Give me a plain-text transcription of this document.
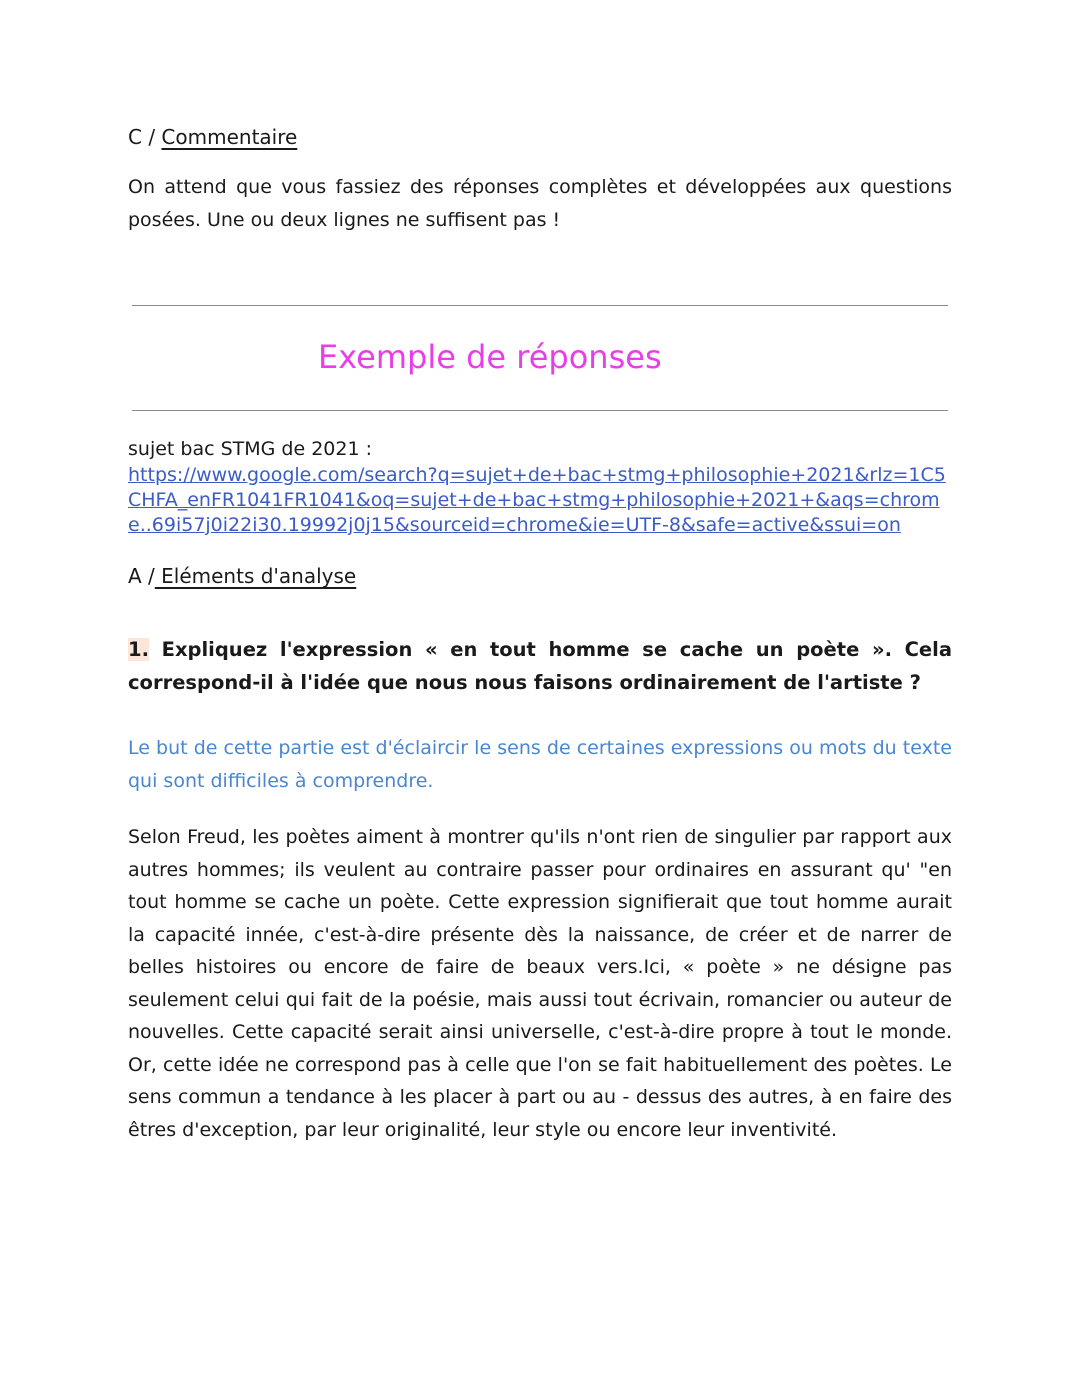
C / Commentaire

On attend que vous fassiez des réponses complètes et développées aux questions posées. Une ou deux lignes ne suffisent pas !

Exemple de réponses
sujet bac STMG de 2021 :
https://www.google.com/search?q=sujet+de+bac+stmg+philosophie+2021&rlz=1C5CHFA_enFR1041FR1041&oq=sujet+de+bac+stmg+philosophie+2021+&aqs=chrome..69i57j0i22i30.19992j0j15&sourceid=chrome&ie=UTF-8&safe=active&ssui=on
A / Eléments d'analyse

1. Expliquez l'expression « en tout homme se cache un poète ». Cela correspond-il à l'idée que nous nous faisons ordinairement de l'artiste ?

Le but de cette partie est d'éclaircir le sens de certaines expressions ou mots du texte qui sont difficiles à comprendre.

Selon Freud, les poètes aiment à montrer qu'ils n'ont rien de singulier par rapport aux autres hommes; ils veulent au contraire passer pour ordinaires en assurant qu' "en tout homme se cache un poète. Cette expression signifierait que tout homme aurait la capacité innée, c'est-à-dire présente dès la naissance, de créer et de narrer de belles histoires ou encore de faire de beaux vers.Ici, « poète » ne désigne pas seulement celui qui fait de la poésie, mais aussi tout écrivain, romancier ou auteur de nouvelles. Cette capacité serait ainsi universelle, c'est-à-dire propre à tout le monde. Or, cette idée ne correspond pas à celle que l'on se fait habituellement des poètes. Le sens commun a tendance à les placer à part ou au - dessus des autres, à en faire des êtres d'exception, par leur originalité, leur style ou encore leur inventivité.
